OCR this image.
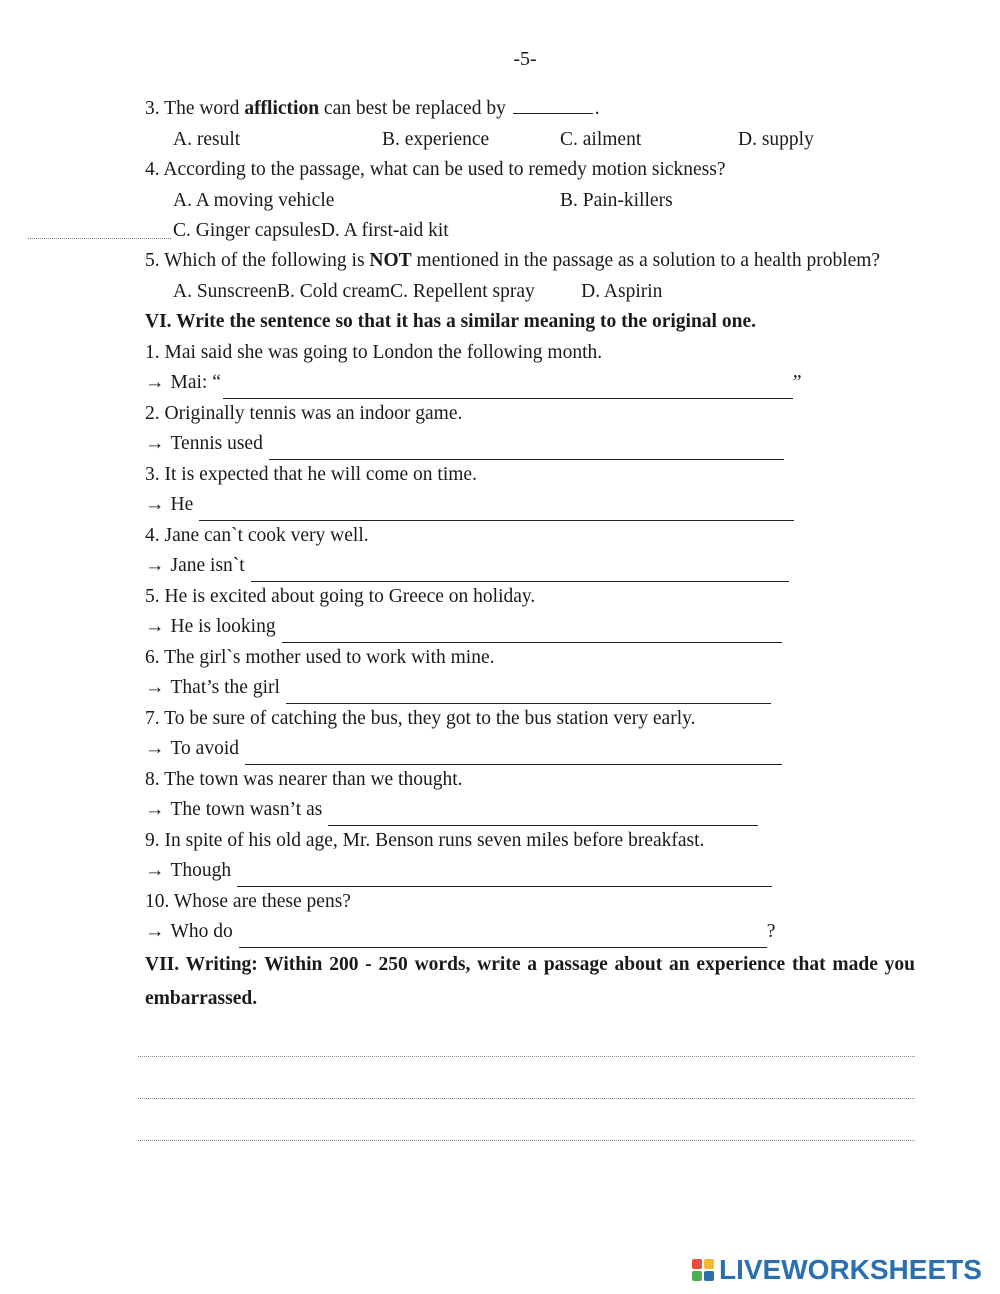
-5-
3. The word affliction can best be replaced by	.
A. result	B. experience	C. ailment	D. supply
4. According to the passage, what can be used to remedy motion sickness?
A. A moving vehicle	B. Pain-killers
C. Ginger capsules D. A first-aid kit
5. Which of the following is NOT mentioned in the passage as a solution to a health problem?
A. Sunscreen B. Cold cream C. Repellent spray	D. Aspirin
VI. Write the sentence so that it has a similar meaning to the original one.
1. Mai said she was going to London the following month.
→ Mai: “	”
2. Originally tennis was an indoor game.
→ Tennis used
3. It is expected that he will come on time.
→ He
4. Jane can`t cook very well.
→ Jane isn`t
5. He is excited about going to Greece on holiday.
→ He is looking
6. The girl`s mother used to work with mine.
→ That’s the girl
7. To be sure of catching the bus, they got to the bus station very early.
→ To avoid
8. The town was nearer than we thought.
→ The town wasn’t as
9. In spite of his old age, Mr. Benson runs seven miles before breakfast.
→ Though
10. Whose are these pens?
→ Who do	?
VII. Writing: Within 200 - 250 words, write a passage about an experience that made you embarrassed.
LIVEWORKSHEETS
